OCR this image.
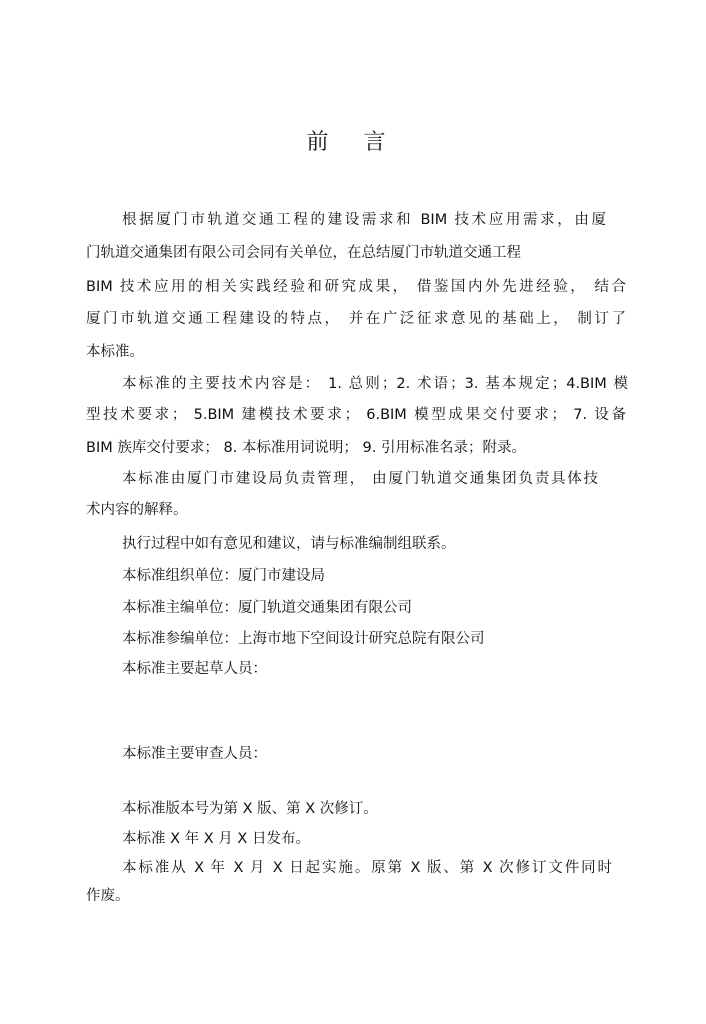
前 言

根据厦门市轨道交通工程的建设需求和 BIM 技术应用需求，由厦

门轨道交通集团有限公司会同有关单位，在总结厦门市轨道交通工程

BIM 技术应用的相关实践经验和研究成果， 借鉴国内外先进经验， 结合

厦门市轨道交通工程建设的特点， 并在广泛征求意见的基础上， 制订了

本标准。

本标准的主要技术内容是： 1. 总则；2. 术语；3. 基本规定；4.BIM 模

型技术要求； 5.BIM 建模技术要求； 6.BIM 模型成果交付要求； 7. 设备

BIM 族库交付要求； 8. 本标准用词说明； 9. 引用标准名录；附录。

本标准由厦门市建设局负责管理， 由厦门轨道交通集团负责具体技

术内容的解释。

执行过程中如有意见和建议，请与标准编制组联系。

本标准组织单位：厦门市建设局

本标准主编单位：厦门轨道交通集团有限公司

本标准参编单位：上海市地下空间设计研究总院有限公司

本标准主要起草人员：

本标准主要审查人员：

本标准版本号为第 X 版、第 X 次修订。

本标准 X 年 X 月 X 日发布。

本标准从 X 年 X 月 X 日起实施。原第 X 版、第 X 次修订文件同时

作废。
